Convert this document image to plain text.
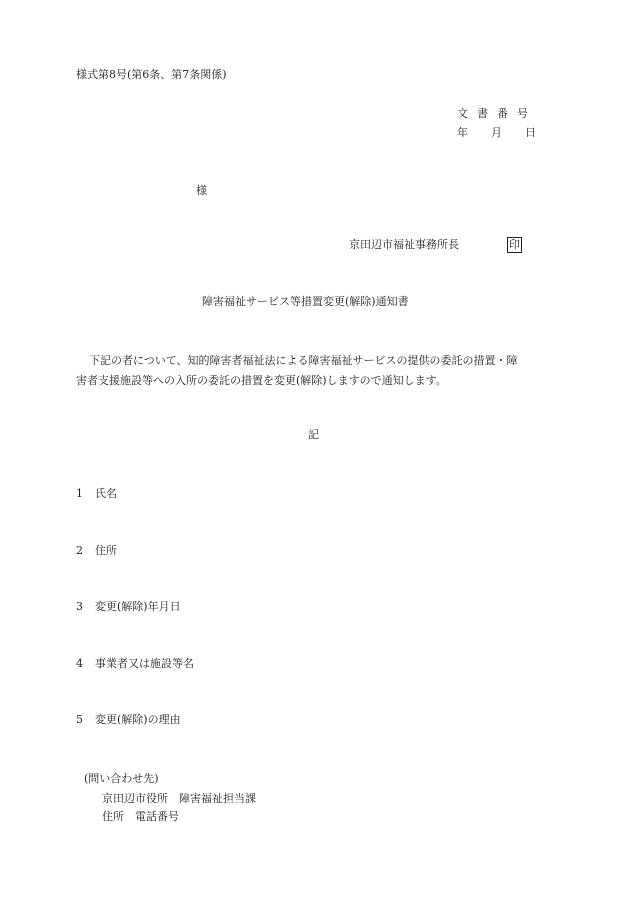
様式第8号(第6条、第7条関係)
文書番号
年 月 日
様
京田辺市福祉事務所長	印
障害福祉サービス等措置変更(解除)通知書
下記の者について、知的障害者福祉法による障害福祉サービスの提供の委託の措置・障
害者支援施設等への入所の委託の措置を変更(解除)しますので通知します。
記
1 氏名
2 住所
3 変更(解除)年月日
4 事業者又は施設等名
5 変更(解除)の理由
(問い合わせ先)
京田辺市役所　障害福祉担当課
住所　電話番号
